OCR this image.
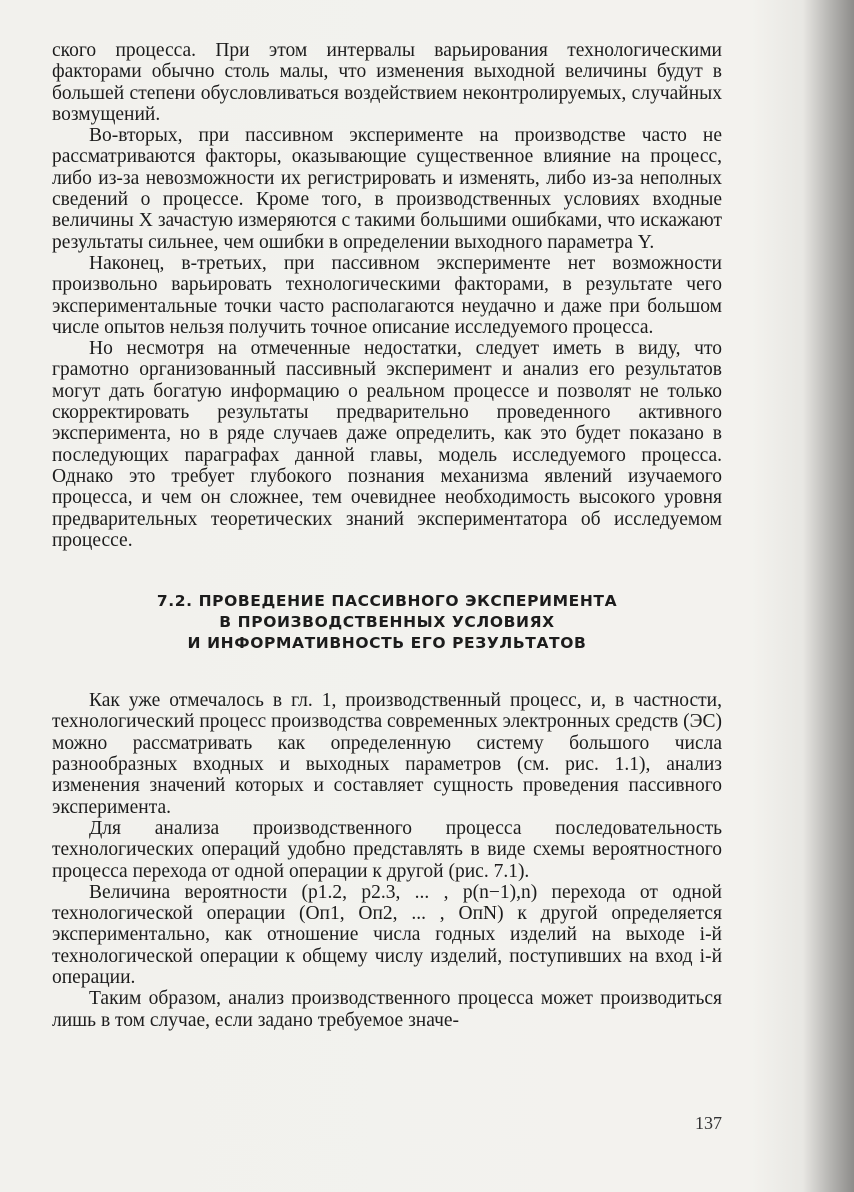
ского процесса. При этом интервалы варьирования технологическими факторами обычно столь малы, что изменения выходной величины будут в большей степени обусловливаться воздействием неконтролируемых, случайных возмущений.

Во-вторых, при пассивном эксперименте на производстве часто не рассматриваются факторы, оказывающие существенное влияние на процесс, либо из-за невозможности их регистрировать и изменять, либо из-за неполных сведений о процессе. Кроме того, в производственных условиях входные величины X зачастую измеряются с такими большими ошибками, что искажают результаты сильнее, чем ошибки в определении выходного параметра Y.

Наконец, в-третьих, при пассивном эксперименте нет возможности произвольно варьировать технологическими факторами, в результате чего экспериментальные точки часто располагаются неудачно и даже при большом числе опытов нельзя получить точное описание исследуемого процесса.

Но несмотря на отмеченные недостатки, следует иметь в виду, что грамотно организованный пассивный эксперимент и анализ его результатов могут дать богатую информацию о реальном процессе и позволят не только скорректировать результаты предварительно проведенного активного эксперимента, но в ряде случаев даже определить, как это будет показано в последующих параграфах данной главы, модель исследуемого процесса. Однако это требует глубокого познания механизма явлений изучаемого процесса, и чем он сложнее, тем очевиднее необходимость высокого уровня предварительных теоретических знаний экспериментатора об исследуемом процессе.

7.2. ПРОВЕДЕНИЕ ПАССИВНОГО ЭКСПЕРИМЕНТА
В ПРОИЗВОДСТВЕННЫХ УСЛОВИЯХ
И ИНФОРМАТИВНОСТЬ ЕГО РЕЗУЛЬТАТОВ

Как уже отмечалось в гл. 1, производственный процесс, и, в частности, технологический процесс производства современных электронных средств (ЭС) можно рассматривать как определенную систему большого числа разнообразных входных и выходных параметров (см. рис. 1.1), анализ изменения значений которых и составляет сущность проведения пассивного эксперимента.

Для анализа производственного процесса последовательность технологических операций удобно представлять в виде схемы вероятностного процесса перехода от одной операции к другой (рис. 7.1).

Величина вероятности (p1.2, p2.3, ... , p(n−1),n) перехода от одной технологической операции (Оп1, Оп2, ... , ОпN) к другой определяется экспериментально, как отношение числа годных изделий на выходе i-й технологической операции к общему числу изделий, поступивших на вход i-й операции.

Таким образом, анализ производственного процесса может производиться лишь в том случае, если задано требуемое значе-

137
